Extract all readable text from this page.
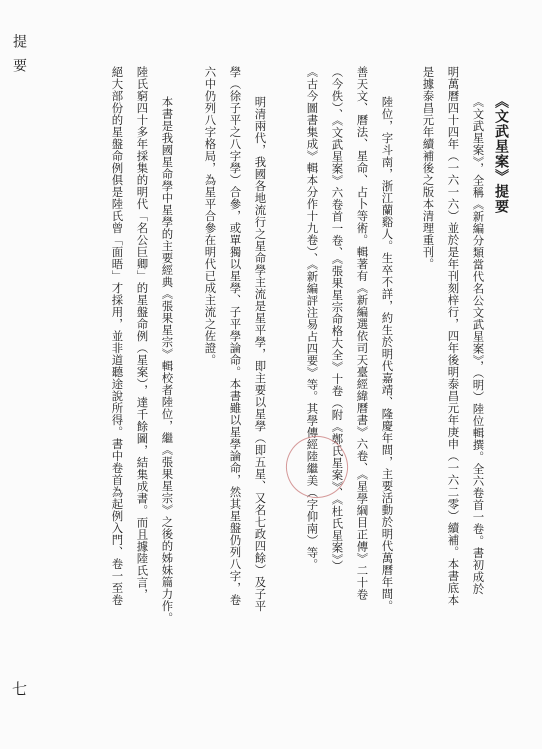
提要
七
《文武星案》提要
《文武星案》，全稱《新編分類當代名公文武星案》，（明）陸位輯撰。全六卷首一卷。書初成於
明萬曆四十四年（一六一六）並於是年刊刻梓行，四年後明泰昌元年庚申（一六二零）續補。本書底本
是據泰昌元年續補後之版本清理重刊。
陸位，字斗南，浙江蘭谿人。生卒不詳，約生於明代嘉靖、隆慶年間，主要活動於明代萬曆年間。
善天文、曆法、星命、占卜等術。輯著有《新編選依司天臺經緯曆書》六卷、《星學綱目正傳》二十卷
（今佚）、《文武星案》六卷首一卷、《張果星宗命格大全》十卷（附《鄭氏星案》、《杜氏星案》）
《古今圖書集成》輯本分作十九卷）、《新編評注易占四要》等。其學傳經陸繼美（字仰南）等。
明清兩代，我國各地流行之星命學主流是星平學，即主要以星學（即五星、又名七政四餘）及子平
學（徐子平之八字學）合參，或單獨以星學、子平學論命。本書雖以星學論命，然其星盤仍列八字，卷
六中仍列八字格局，為星平合參在明代已成主流之佐證。
本書是我國星命學中星學的主要經典《張果星宗》輯校者陸位，繼《張果星宗》之後的姊妹篇力作。
陸氏窮四十多年採集的明代「名公巨卿」的星盤命例（星案），達千餘圖，結集成書。而且據陸氏言，
絕大部份的星盤命例俱是陸氏曾「面晤」才採用，並非道聽途說所得。書中卷首為起例入門、卷一至卷
